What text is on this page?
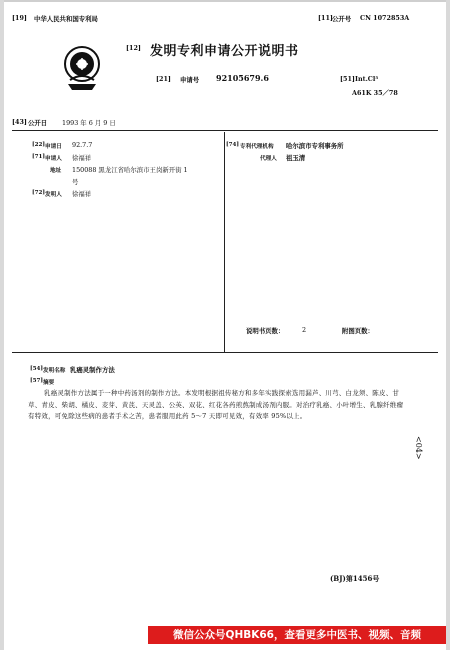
[19] 中华人民共和国专利局	[11] 公开号 CN 1072853A
[12] 发明专利申请公开说明书
[21] 申请号 92105679.6	[51] Int.Cl⁵
A61K 35／78
[43] 公开日 1993 年 6 月 9 日
[22] 申请日 92.7.7
[71] 申请人 徐福祥
地址 150088 黑龙江省哈尔滨市王岗新开街 1
号
[72] 发明人 徐福祥
[74] 专利代理机构 哈尔滨市专利事务所
代理人 祖玉清
说明书页数：	2	附图页数：
[54] 发明名称 乳癌灵制作方法
[57] 摘要

乳癌灵制作方法属于一种中药汤剂的制作方法。本发明根据祖传秘方和多年实践探索选用漏芦、川芎、白龙须、陈皮、甘草、青皮、柴胡、橘皮、麦芽、黄芪、天灵盖、公英、双花、红花各药煎熬制成汤剂内服。对治疗乳癌、小叶增生、乳腺纤维瘤有特效，可免除这些病的患者手术之苦，患者服用此药 5～7 天即可见效，有效率 95%以上。

<04>
(BJ)第1456号
微信公众号QHBK66，查看更多中医书、视频、音频
